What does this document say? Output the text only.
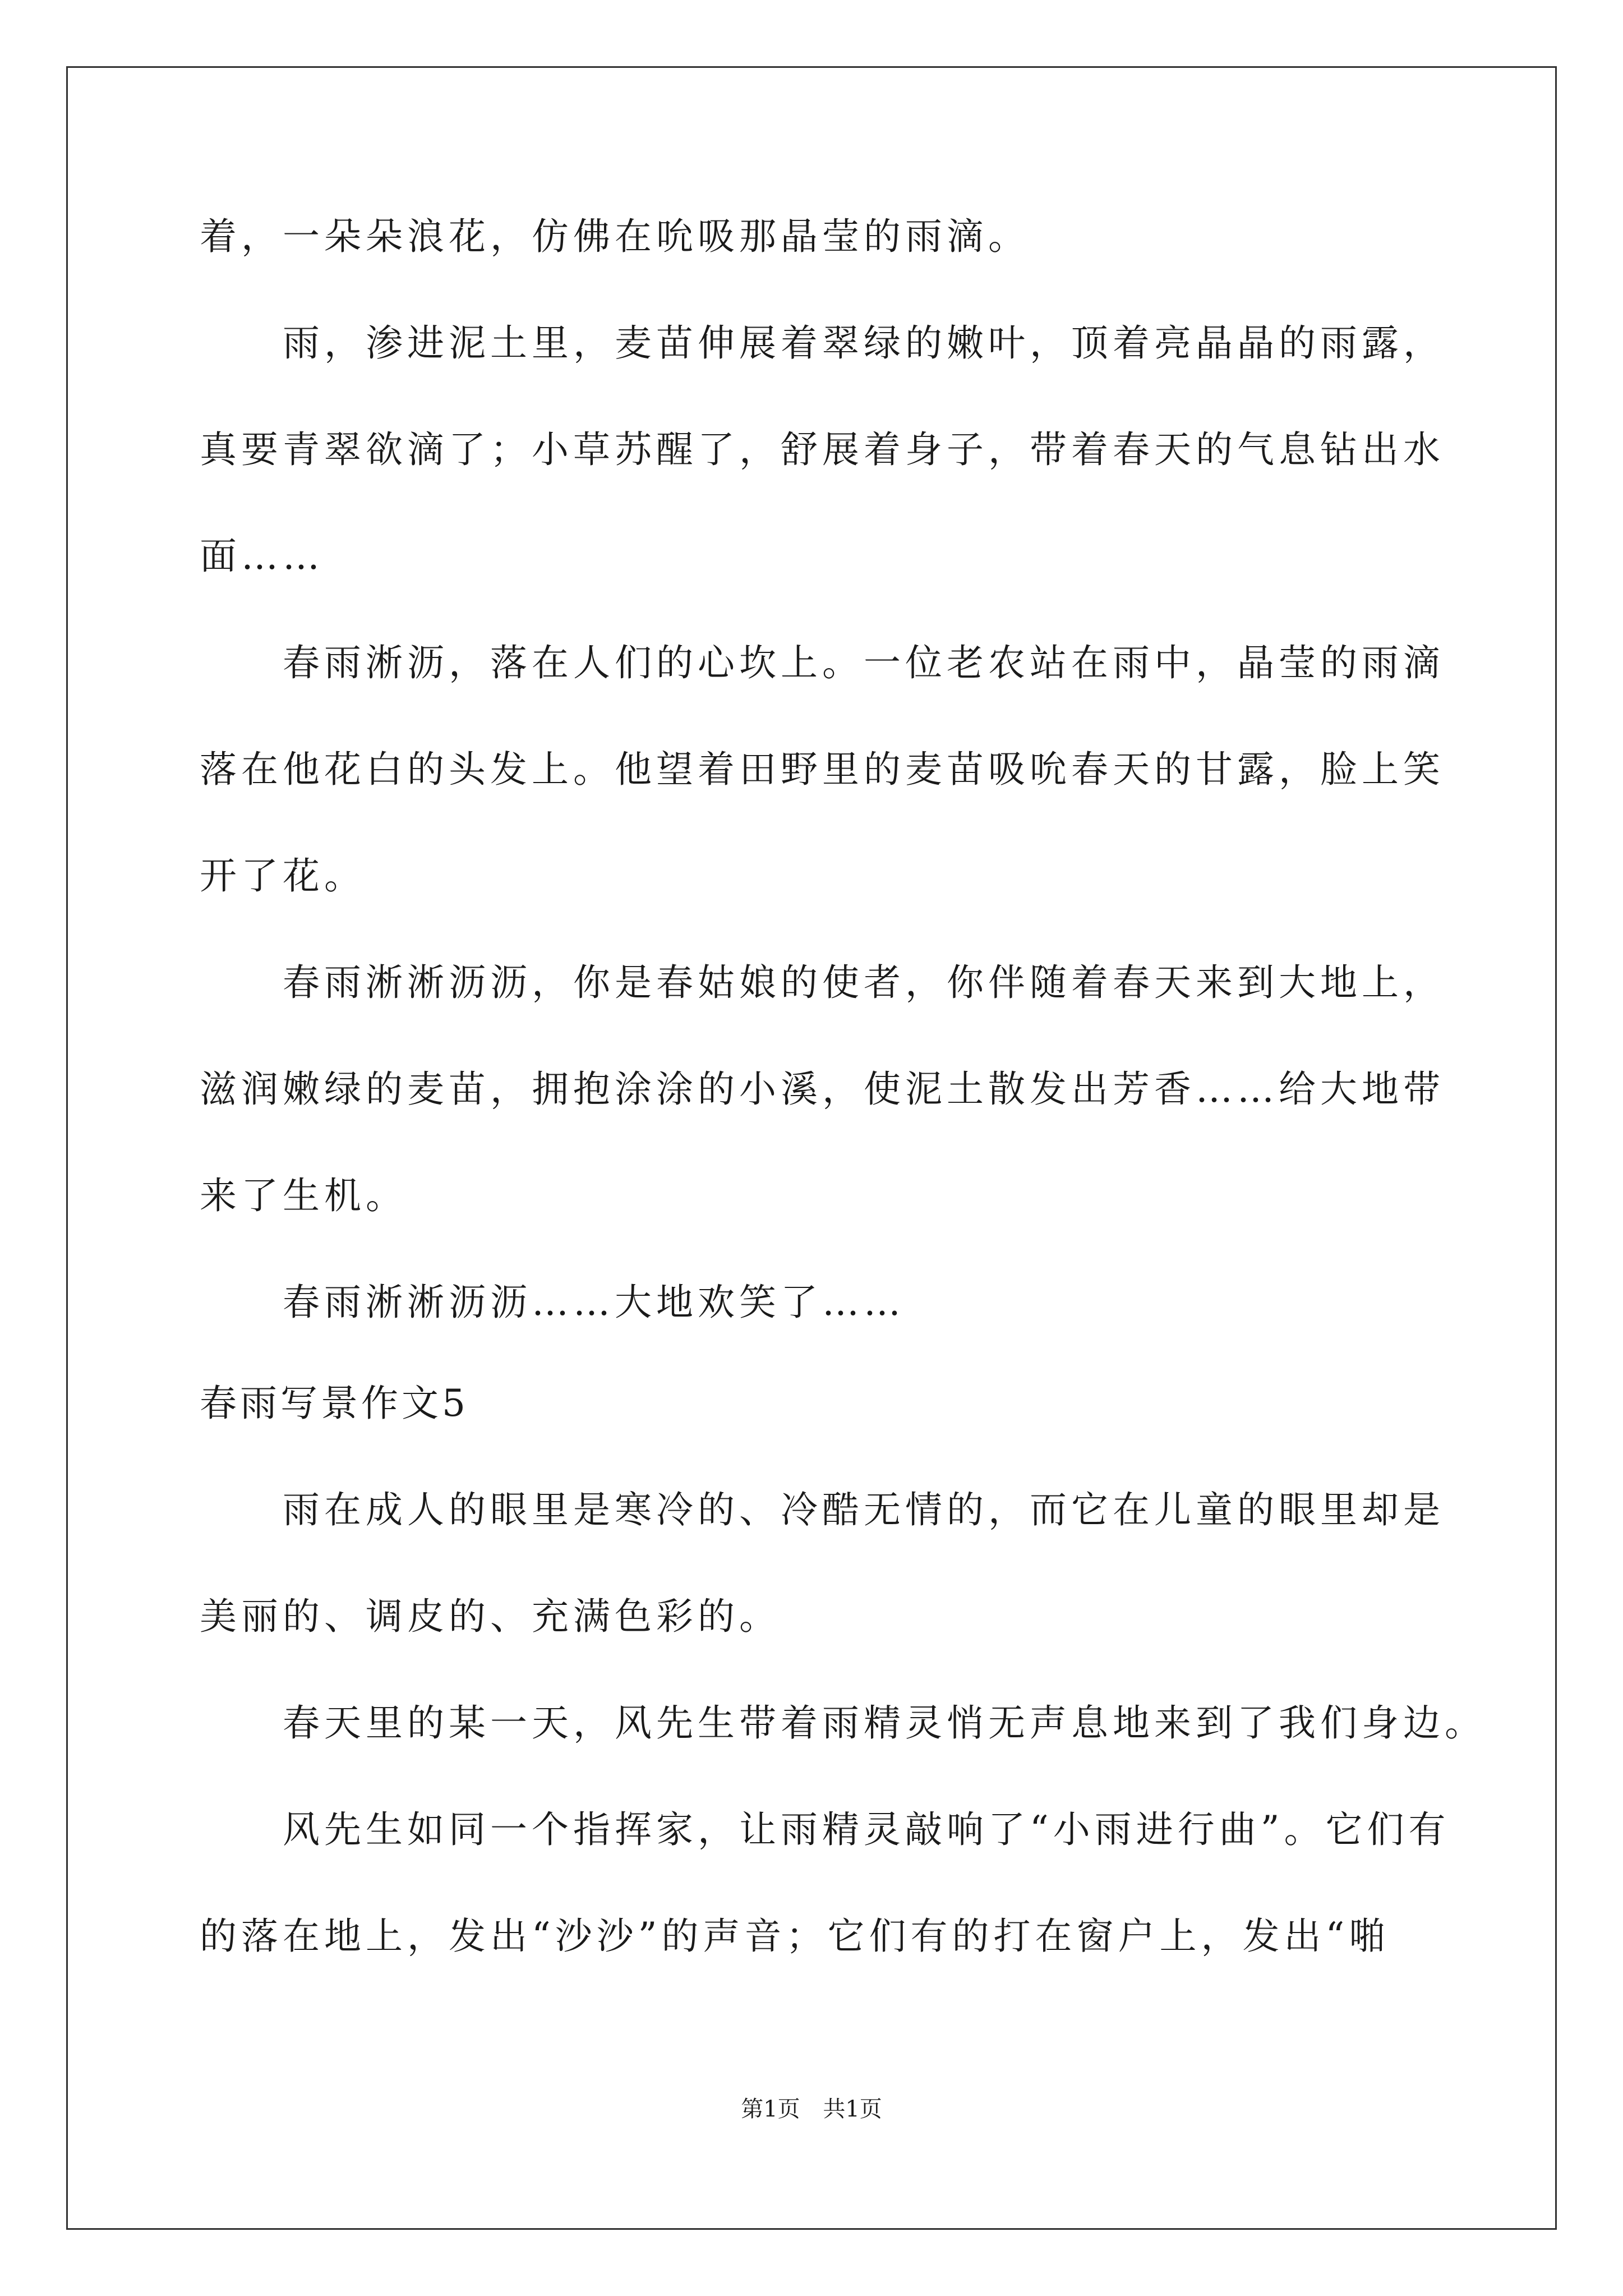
着，一朵朵浪花，仿佛在吮吸那晶莹的雨滴。
雨，渗进泥土里，麦苗伸展着翠绿的嫩叶，顶着亮晶晶的雨露，
真要青翠欲滴了；小草苏醒了，舒展着身子，带着春天的气息钻出水
面……
春雨淅沥，落在人们的心坎上。一位老农站在雨中，晶莹的雨滴
落在他花白的头发上。他望着田野里的麦苗吸吮春天的甘露，脸上笑
开了花。
春雨淅淅沥沥，你是春姑娘的使者，你伴随着春天来到大地上，
滋润嫩绿的麦苗，拥抱涂涂的小溪，使泥土散发出芳香……给大地带
来了生机。
春雨淅淅沥沥……大地欢笑了……
春雨写景作文5
雨在成人的眼里是寒冷的、冷酷无情的，而它在儿童的眼里却是
美丽的、调皮的、充满色彩的。
春天里的某一天，风先生带着雨精灵悄无声息地来到了我们身边。
风先生如同一个指挥家，让雨精灵敲响了“小雨进行曲”。它们有
的落在地上，发出“沙沙”的声音；它们有的打在窗户上，发出“啪
第1页 共1页
